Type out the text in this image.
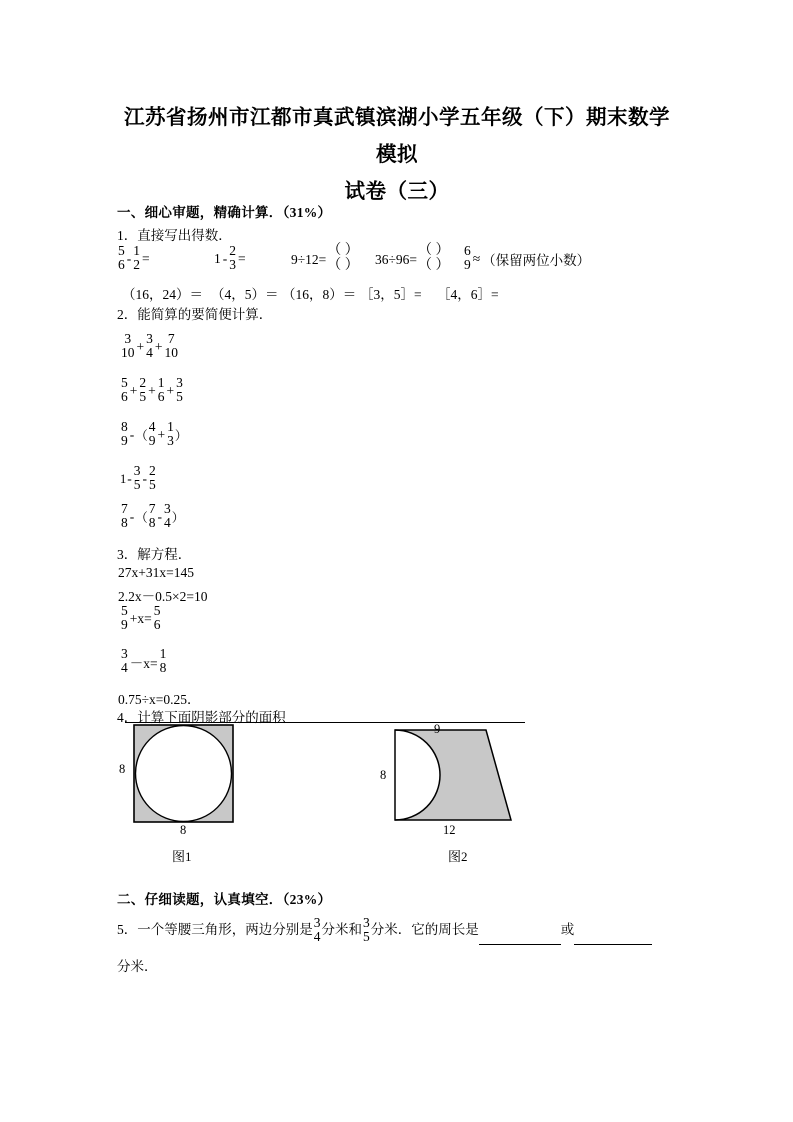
江苏省扬州市江都市真武镇滨湖小学五年级（下）期末数学模拟
试卷（三）
一、细心审题，精确计算．（31%）
1．直接写出得数．
5
6 -
1
2 =	1 -
2
3 =	9÷12=
（ ）
（ ） 36÷96=
（ ）
（ ）
6
9 ≈ （保留两位小数）
（16，24）＝ （4，5）＝ （16，8）＝ ［3，5］= ［4，6］=
2．能简算的要简便计算．
3
10 +
3
4 +
7
10
5
6 +
2
5 +
1
6 +
3
5
8
9 -（
4
9 +
1
3 ）
1-
3
5 -
2
5
7
8 -（
7
8 -
3
4 ）
3．解方程．
27x+31x=145
2.2x－0.5×2=10
5
9 +x=
5
6
3
4 －x=
1
8
0.75÷x=0.25．
4．计算下面阴影部分的面积
8
8
图1
9
8
12
图2
二、仔细读题，认真填空．（23%）
5．一个等腰三角形，两边分别是 3
4 分米和 3
5 分米．它的周长是	或
分米．
